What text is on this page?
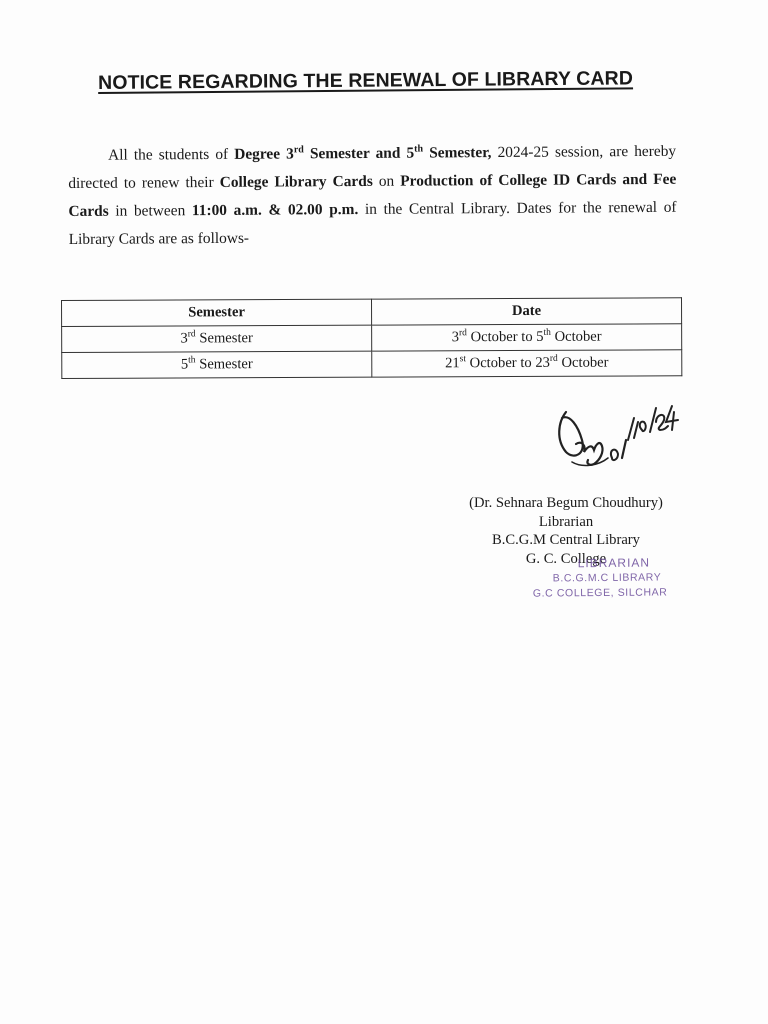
NOTICE REGARDING THE RENEWAL OF LIBRARY CARD
All the students of Degree 3rd Semester and 5th Semester, 2024-25 session, are hereby directed to renew their College Library Cards on Production of College ID Cards and Fee Cards in between 11:00 a.m. & 02.00 p.m. in the Central Library. Dates for the renewal of Library Cards are as follows-
Semester	Date
3rd Semester	3rd October to 5th October
5th Semester	21st October to 23rd October
(Dr. Sehnara Begum Choudhury)
Librarian
B.C.G.M Central Library
G. C. College
LIBRARIAN
B.C.G.M.C LIBRARY
G.C COLLEGE, SILCHAR
